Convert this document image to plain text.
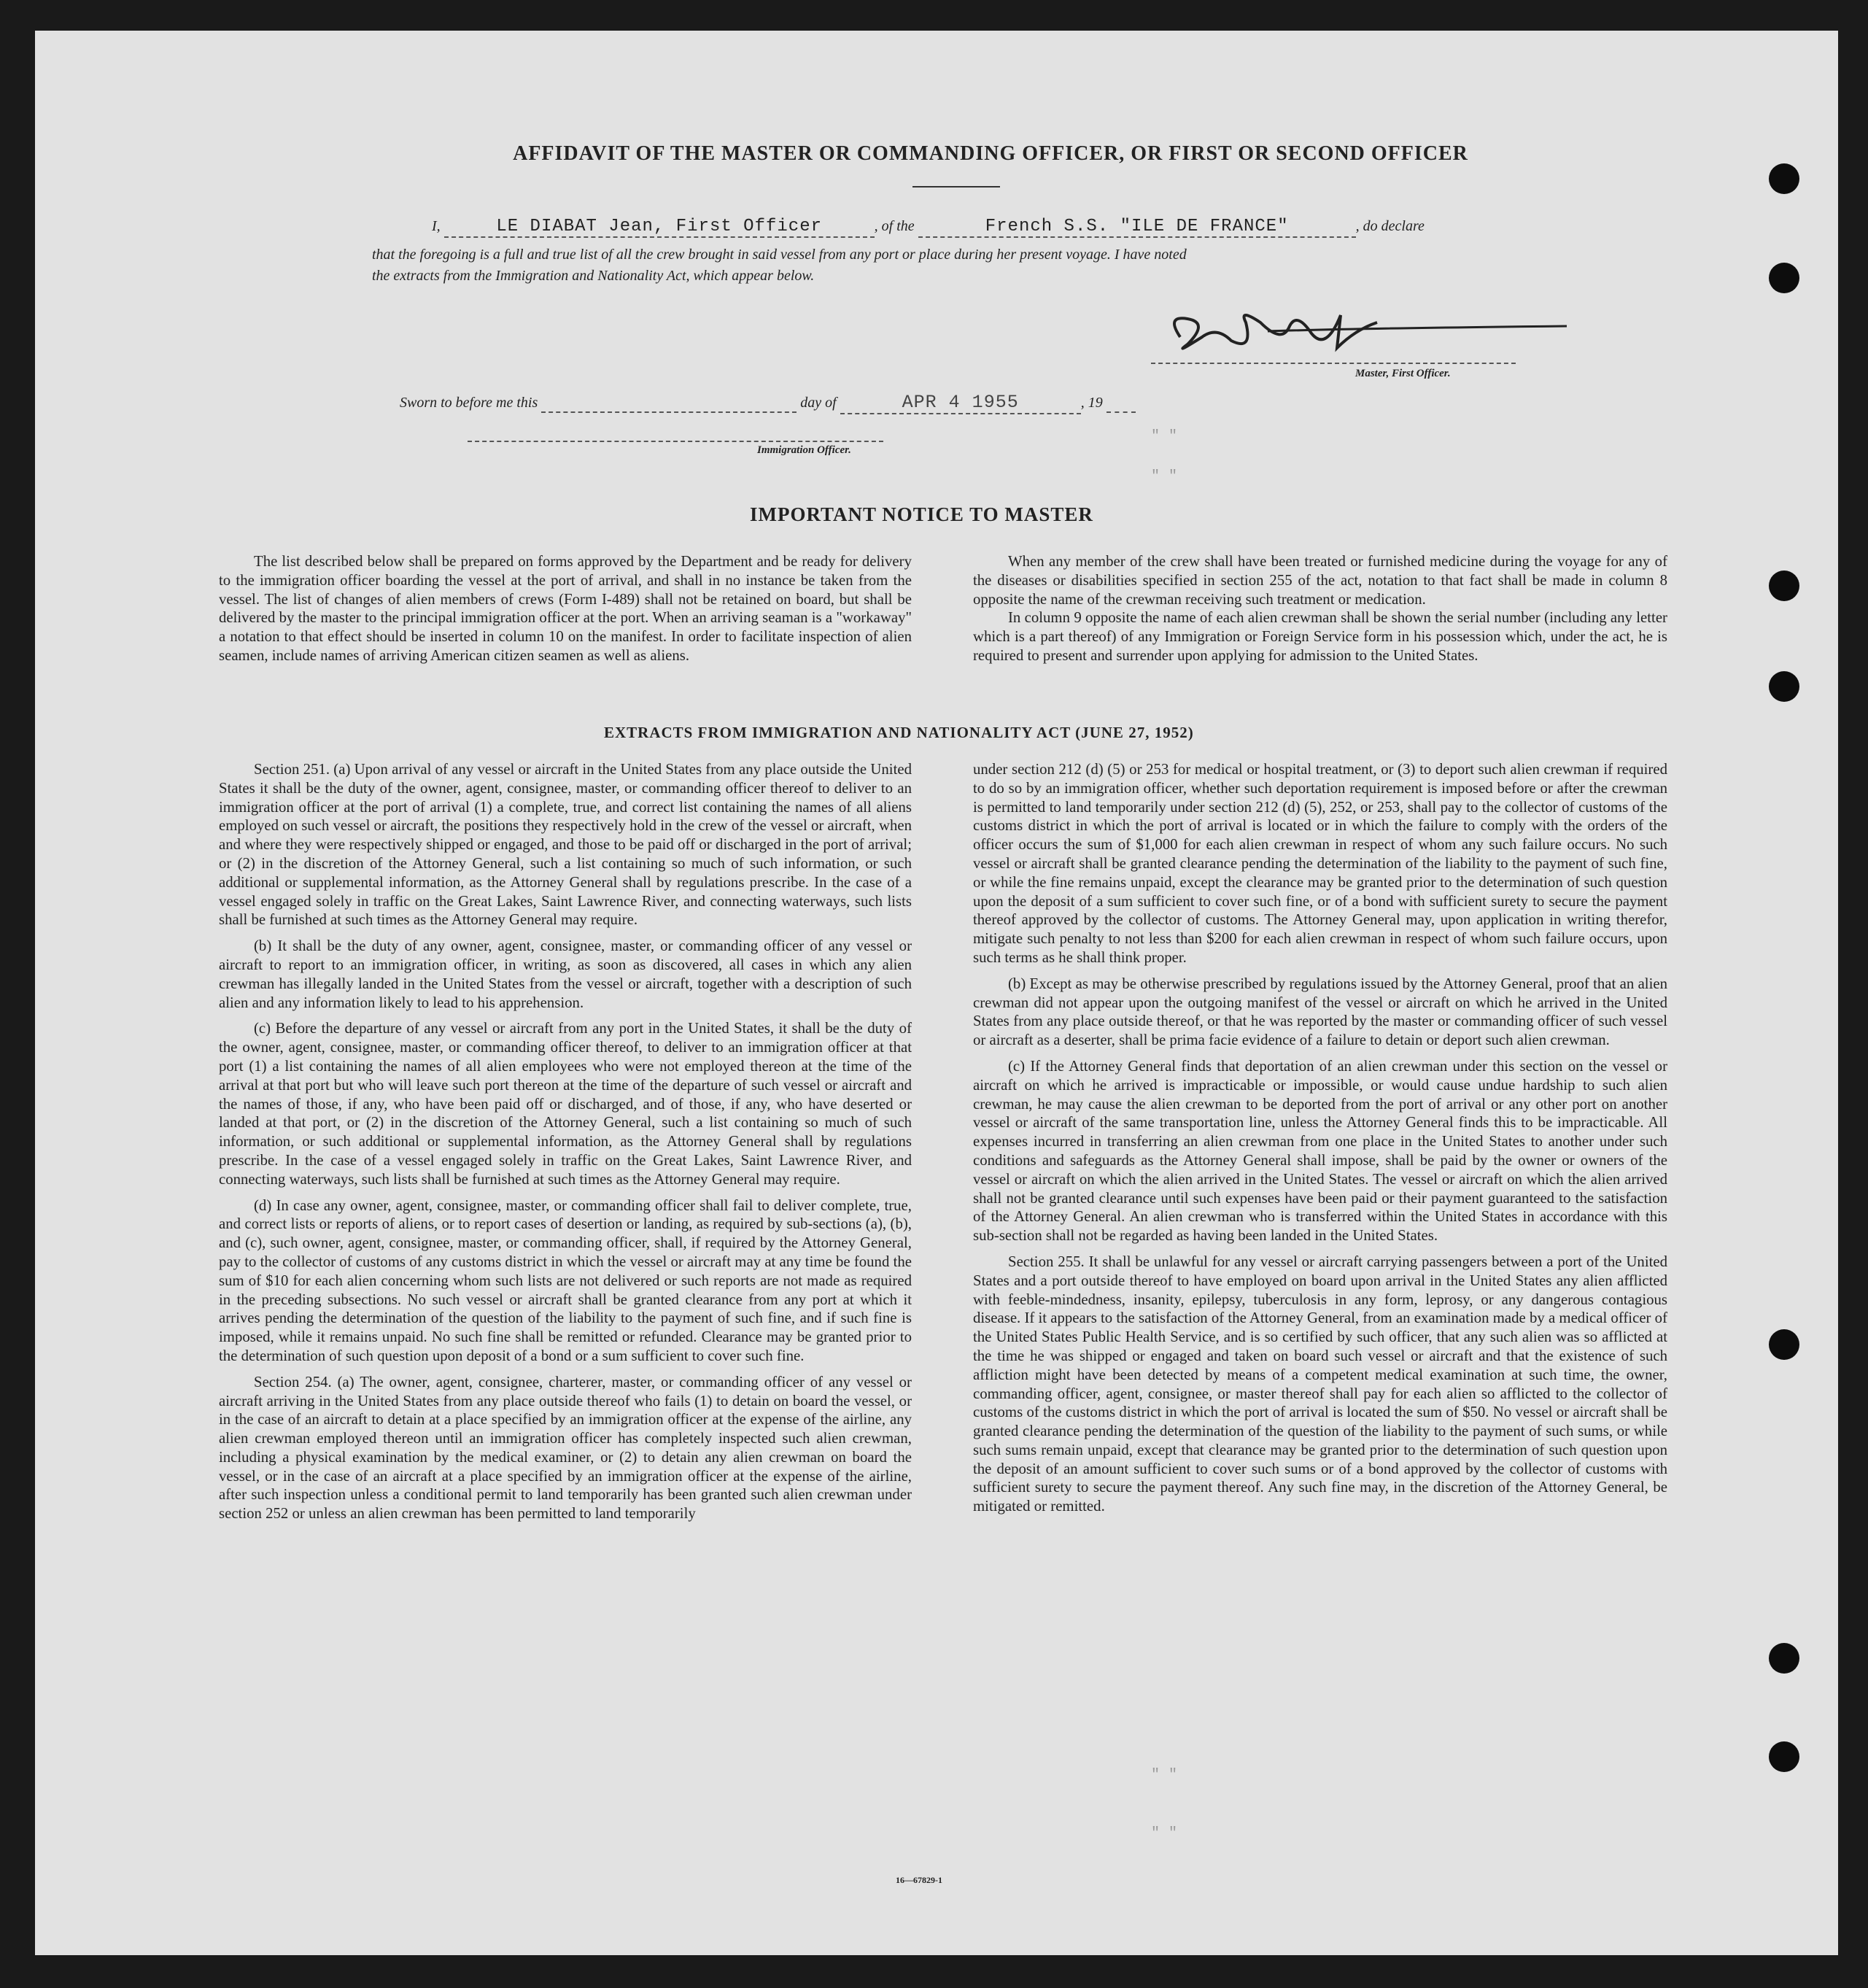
" "
" "
" "
" "
AFFIDAVIT OF THE MASTER OR COMMANDING OFFICER, OR FIRST OR SECOND OFFICER
I,	LE DIABAT Jean, First Officer	, of the	French S.S. "ILE DE FRANCE"	, do declare
that the foregoing is a full and true list of all the crew brought in said vessel from any port or place during her present voyage. I have noted
the extracts from the Immigration and Nationality Act, which appear below.
Master, First Officer.
Sworn to before me this	day of	APR 4 1955	, 19
Immigration Officer.
IMPORTANT NOTICE TO MASTER

The list described below shall be prepared on forms approved by the Department and be ready for delivery to the immigration officer boarding the vessel at the port of arrival, and shall in no instance be taken from the vessel. The list of changes of alien members of crews (Form I-489) shall not be retained on board, but shall be delivered by the master to the principal immigration officer at the port. When an arriving seaman is a "workaway" a notation to that effect should be inserted in column 10 on the manifest. In order to facilitate inspection of alien seamen, include names of arriving American citizen seamen as well as aliens.

When any member of the crew shall have been treated or furnished medicine during the voyage for any of the diseases or disabilities specified in section 255 of the act, notation to that fact shall be made in column 8 opposite the name of the crewman receiving such treatment or medication.

In column 9 opposite the name of each alien crewman shall be shown the serial number (including any letter which is a part thereof) of any Immigration or Foreign Service form in his possession which, under the act, he is required to present and surrender upon applying for admission to the United States.

EXTRACTS FROM IMMIGRATION AND NATIONALITY ACT (JUNE 27, 1952)

Section 251. (a) Upon arrival of any vessel or aircraft in the United States from any place outside the United States it shall be the duty of the owner, agent, consignee, master, or commanding officer thereof to deliver to an immigration officer at the port of arrival (1) a complete, true, and correct list containing the names of all aliens employed on such vessel or aircraft, the positions they respectively hold in the crew of the vessel or aircraft, when and where they were respectively shipped or engaged, and those to be paid off or discharged in the port of arrival; or (2) in the discretion of the Attorney General, such a list containing so much of such information, or such additional or supplemental information, as the Attorney General shall by regulations prescribe. In the case of a vessel engaged solely in traffic on the Great Lakes, Saint Lawrence River, and connecting waterways, such lists shall be furnished at such times as the Attorney General may require.

(b) It shall be the duty of any owner, agent, consignee, master, or commanding officer of any vessel or aircraft to report to an immigration officer, in writing, as soon as discovered, all cases in which any alien crewman has illegally landed in the United States from the vessel or aircraft, together with a description of such alien and any information likely to lead to his apprehension.

(c) Before the departure of any vessel or aircraft from any port in the United States, it shall be the duty of the owner, agent, consignee, master, or commanding officer thereof, to deliver to an immigration officer at that port (1) a list containing the names of all alien employees who were not employed thereon at the time of the arrival at that port but who will leave such port thereon at the time of the departure of such vessel or aircraft and the names of those, if any, who have been paid off or discharged, and of those, if any, who have deserted or landed at that port, or (2) in the discretion of the Attorney General, such a list containing so much of such information, or such additional or supplemental information, as the Attorney General shall by regulations prescribe. In the case of a vessel engaged solely in traffic on the Great Lakes, Saint Lawrence River, and connecting waterways, such lists shall be furnished at such times as the Attorney General may require.

(d) In case any owner, agent, consignee, master, or commanding officer shall fail to deliver complete, true, and correct lists or reports of aliens, or to report cases of desertion or landing, as required by sub-sections (a), (b), and (c), such owner, agent, consignee, master, or commanding officer, shall, if required by the Attorney General, pay to the collector of customs of any customs district in which the vessel or aircraft may at any time be found the sum of $10 for each alien concerning whom such lists are not delivered or such reports are not made as required in the preceding subsections. No such vessel or aircraft shall be granted clearance from any port at which it arrives pending the determination of the question of the liability to the payment of such fine, and if such fine is imposed, while it remains unpaid. No such fine shall be remitted or refunded. Clearance may be granted prior to the determination of such question upon deposit of a bond or a sum sufficient to cover such fine.

Section 254. (a) The owner, agent, consignee, charterer, master, or commanding officer of any vessel or aircraft arriving in the United States from any place outside thereof who fails (1) to detain on board the vessel, or in the case of an aircraft to detain at a place specified by an immigration officer at the expense of the airline, any alien crewman employed thereon until an immigration officer has completely inspected such alien crewman, including a physical examination by the medical examiner, or (2) to detain any alien crewman on board the vessel, or in the case of an aircraft at a place specified by an immigration officer at the expense of the airline, after such inspection unless a conditional permit to land temporarily has been granted such alien crewman under section 252 or unless an alien crewman has been permitted to land temporarily

under section 212 (d) (5) or 253 for medical or hospital treatment, or (3) to deport such alien crewman if required to do so by an immigration officer, whether such deportation requirement is imposed before or after the crewman is permitted to land temporarily under section 212 (d) (5), 252, or 253, shall pay to the collector of customs of the customs district in which the port of arrival is located or in which the failure to comply with the orders of the officer occurs the sum of $1,000 for each alien crewman in respect of whom any such failure occurs. No such vessel or aircraft shall be granted clearance pending the determination of the liability to the payment of such fine, or while the fine remains unpaid, except the clearance may be granted prior to the determination of such question upon the deposit of a sum sufficient to cover such fine, or of a bond with sufficient surety to secure the payment thereof approved by the collector of customs. The Attorney General may, upon application in writing therefor, mitigate such penalty to not less than $200 for each alien crewman in respect of whom such failure occurs, upon such terms as he shall think proper.

(b) Except as may be otherwise prescribed by regulations issued by the Attorney General, proof that an alien crewman did not appear upon the outgoing manifest of the vessel or aircraft on which he arrived in the United States from any place outside thereof, or that he was reported by the master or commanding officer of such vessel or aircraft as a deserter, shall be prima facie evidence of a failure to detain or deport such alien crewman.

(c) If the Attorney General finds that deportation of an alien crewman under this section on the vessel or aircraft on which he arrived is impracticable or impossible, or would cause undue hardship to such alien crewman, he may cause the alien crewman to be deported from the port of arrival or any other port on another vessel or aircraft of the same transportation line, unless the Attorney General finds this to be impracticable. All expenses incurred in transferring an alien crewman from one place in the United States to another under such conditions and safeguards as the Attorney General shall impose, shall be paid by the owner or owners of the vessel or aircraft on which the alien arrived in the United States. The vessel or aircraft on which the alien arrived shall not be granted clearance until such expenses have been paid or their payment guaranteed to the satisfaction of the Attorney General. An alien crewman who is transferred within the United States in accordance with this sub-section shall not be regarded as having been landed in the United States.

Section 255. It shall be unlawful for any vessel or aircraft carrying passengers between a port of the United States and a port outside thereof to have employed on board upon arrival in the United States any alien afflicted with feeble-mindedness, insanity, epilepsy, tuberculosis in any form, leprosy, or any dangerous contagious disease. If it appears to the satisfaction of the Attorney General, from an examination made by a medical officer of the United States Public Health Service, and is so certified by such officer, that any such alien was so afflicted at the time he was shipped or engaged and taken on board such vessel or aircraft and that the existence of such affliction might have been detected by means of a competent medical examination at such time, the owner, commanding officer, agent, consignee, or master thereof shall pay for each alien so afflicted to the collector of customs of the customs district in which the port of arrival is located the sum of $50. No vessel or aircraft shall be granted clearance pending the determination of the question of the liability to the payment of such sums, or while such sums remain unpaid, except that clearance may be granted prior to the determination of such question upon the deposit of an amount sufficient to cover such sums or of a bond approved by the collector of customs with sufficient surety to secure the payment thereof. Any such fine may, in the discretion of the Attorney General, be mitigated or remitted.

16—67829-1
